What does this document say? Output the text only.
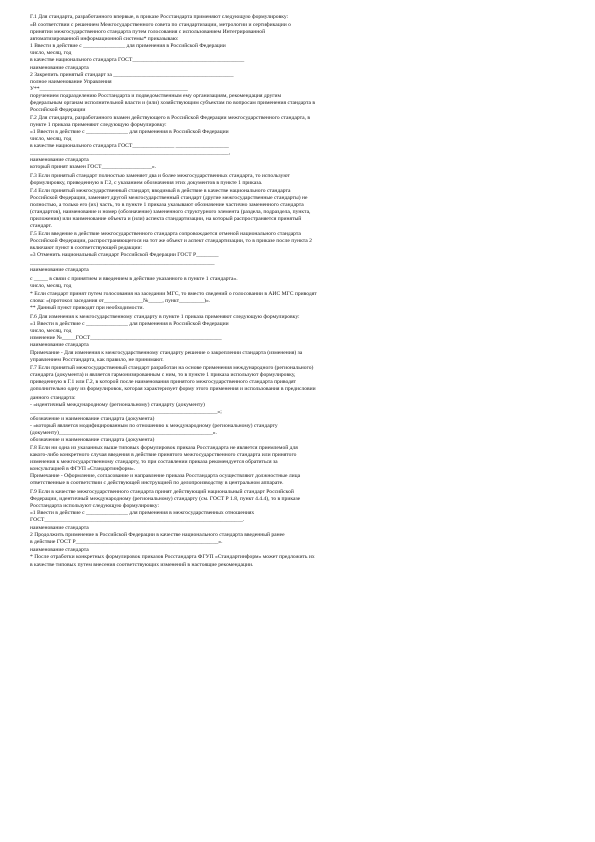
Г.1 Для стандарта, разработанного впервые, в приказе Росстандарта применяют следующую формулировку:
«В соответствии с решением Межгосударственного совета по стандартизации, метрологии и сертификации о
принятии межгосударственного стандарта путем голосования с использованием Интегрированной
автоматизированной информационной системы* приказываю:
1 Ввести в действие с _______________ для применения в Российской Федерации
число, месяц, год
в качестве национального стандарта ГОСТ________________________________________
наименование стандарта
2 Закрепить принятый стандарт за ___________________________________________
полное наименование Управления
У**_____________________________________________________
поручением подразделению Росстандарта и подведомственным ему организациям, рекомендация другим
федеральным органам исполнительной власти и (или) хозяйствующим субъектам по вопросам применения стандарта в
Российской Федерации
Г.2 Для стандарта, разработанного взамен действующего в Российской Федерации межгосударственного стандарта, в
пункте 1 приказа применяют следующую формулировку:
«1 Ввести в действие с _______________ для применения в Российской Федерации
число, месяц, год
в качестве национального стандарта ГОСТ_______________ ___________________
_______________________________________________________________________,
наименование стандарта
который принят взамен ГОСТ__________________».
Г.3 Если принятый стандарт полностью заменяет два и более межгосударственных стандарта, то используют
формулировку, приведенную в Г.2, с указанием обозначения этих документов в пункте 1 приказа.
Г.4 Если принятый межгосударственный стандарт, вводимый в действие в качестве национального стандарта
Российской Федерации, заменяет другой межгосударственный стандарт (другие межгосударственные стандарты) не
полностью, а только его (их) часть, то в пункте 1 приказа указывают обозначение частично замененного стандарта
(стандартов), наименование и номер (обозначение) замененного структурного элемента (раздела, подраздела, пункта,
приложения) или наименование объекта и (или) аспекта стандартизации, на который распространяется принятый
стандарт.
Г.5 Если введение в действие межгосударственного стандарта сопровождается отменой национального стандарта
Российской Федерации, распространяющегося на тот же объект и аспект стандартизации, то в приказе после пункта 2
включают пункт в соответствующей редакции:
«3 Отменить национальный стандарт Российской Федерации ГОСТ Р________
__________________________________________________________________
наименование стандарта
с _____ в связи с принятием и введением в действие указанного в пункте 1 стандарта».
число, месяц, год
* Если стандарт принят путем голосования на заседании МГС, то вместо сведений о голосовании в АИС МГС приводят
слова: «(протокол заседания от______________№_____, пункт_________)».
** Данный пункт приводят при необходимости.
Г.6 Для изменения к межгосударственному стандарту в пункте 1 приказа применяют следующую формулировку:
«1 Ввести в действие с _______________ для применения в Российской Федерации
число, месяц, год
изменение №_____ГОСТ_______________________________________________
наименование стандарта
Примечание - Для изменения к межгосударственному стандарту решение о закреплении стандарта (изменения) за
управлением Росстандарта, как правило, не принимают.
Г.7 Если принятый межгосударственный стандарт разработан на основе применения международного (регионального)
стандарта (документа) и является гармонизированным с ним, то в пункте 1 приказа используют формулировку,
приведенную в Г.1 или Г.2, в которой после наименования принятого межгосударственного стандарта приводят
дополнительно одну из формулировок, которая характеризует форму этого применения и использования в предисловии
данного стандарта:
- «идентичный международному (региональному) стандарту (документу)
___________________________________________________________________»;
обозначение и наименование стандарта (документа)
- «который является модифицированным по отношению к международному (региональному) стандарту
(документу)_______________________________________________________».
обозначение и наименование стандарта (документа)
Г.8 Если ни одна из указанных выше типовых формулировок приказа Росстандарта не является приемлемой для
какого-либо конкретного случая введения в действие принятого межгосударственного стандарта или принятого
изменения к межгосударственному стандарту, то при составлении приказа рекомендуется обратиться за
консультацией в ФГУП «Стандартинформ».
Примечание - Оформление, согласование и направление приказа Росстандарта осуществляют должностные лица
ответственные в соответствии с действующей инструкцией по делопроизводству в центральном аппарате.
Г.9 Если в качестве межгосударственного стандарта принят действующий национальный стандарт Российской
Федерации, идентичный международному (региональному) стандарту (см. ГОСТ Р 1.8, пункт 4.4.4), то в приказе
Росстандарта используют следующую формулировку:
«1 Ввести в действие с _______________ для применения в межгосударственных отношениях
ГОСТ_______________________________________________________________________.
наименование стандарта
2 Продолжить применение в Российской Федерации в качестве национального стандарта введенный ранее
в действие ГОСТ Р___________________________________________________».
наименование стандарта
* После отработки конкретных формулировок приказов Росстандарта ФГУП «Стандартинформ» может предложить их
в качестве типовых путем внесения соответствующих изменений в настоящие рекомендации.
